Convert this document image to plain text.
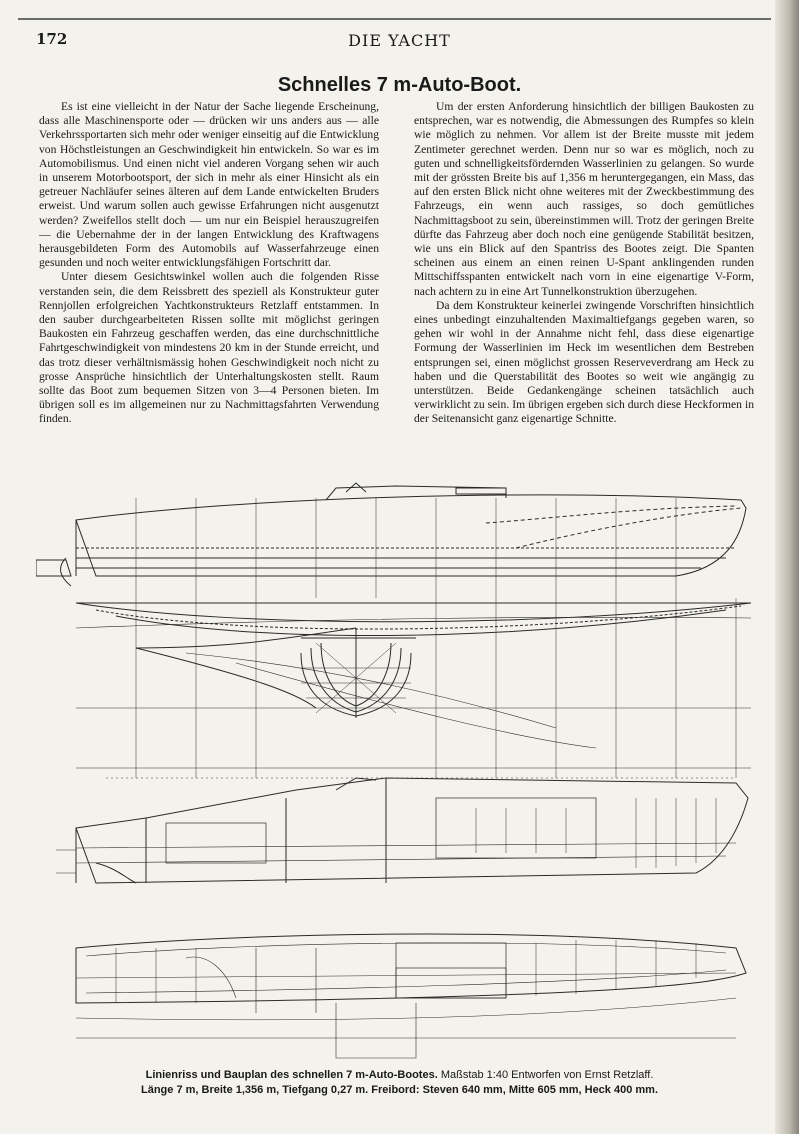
172	DIE YACHT
Schnelles 7 m-Auto-Boot.

Es ist eine vielleicht in der Natur der Sache liegende Erscheinung, dass alle Maschinensporte oder — drücken wir uns anders aus — alle Verkehrssportarten sich mehr oder weniger einseitig auf die Entwicklung von Höchstleistungen an Geschwindigkeit hin entwickeln. So war es im Automobilismus. Und einen nicht viel anderen Vorgang sehen wir auch in unserem Motorbootsport, der sich in mehr als einer Hinsicht als ein getreuer Nachläufer seines älteren auf dem Lande entwickelten Bruders erweist. Und warum sollen auch gewisse Erfahrungen nicht ausgenutzt werden? Zweifellos stellt doch — um nur ein Beispiel herauszugreifen — die Uebernahme der in der langen Entwicklung des Kraftwagens herausgebildeten Form des Automobils auf Wasserfahrzeuge einen gesunden und noch weiter entwicklungsfähigen Fortschritt dar.

Unter diesem Gesichtswinkel wollen auch die folgenden Risse verstanden sein, die dem Reissbrett des speziell als Konstrukteur guter Rennjollen erfolgreichen Yachtkonstrukteurs Retzlaff entstammen. In den sauber durchgearbeiteten Rissen sollte mit möglichst geringen Baukosten ein Fahrzeug geschaffen werden, das eine durchschnittliche Fahrtgeschwindigkeit von mindestens 20 km in der Stunde erreicht, und das trotz dieser verhältnismässig hohen Geschwindigkeit noch nicht zu grosse Ansprüche hinsichtlich der Unterhaltungskosten stellt. Raum sollte das Boot zum bequemen Sitzen von 3—4 Personen bieten. Im übrigen soll es im allgemeinen nur zu Nachmittagsfahrten Verwendung finden.

Um der ersten Anforderung hinsichtlich der billigen Baukosten zu entsprechen, war es notwendig, die Abmessungen des Rumpfes so klein wie möglich zu nehmen. Vor allem ist der Breite musste mit jedem Zentimeter gerechnet werden. Denn nur so war es möglich, noch zu guten und schnelligkeitsfördernden Wasserlinien zu gelangen. So wurde mit der grössten Breite bis auf 1,356 m heruntergegangen, ein Mass, das auf den ersten Blick nicht ohne weiteres mit der Zweckbestimmung des Fahrzeugs, ein wenn auch rassiges, so doch gemütliches Nachmittagsboot zu sein, übereinstimmen will. Trotz der geringen Breite dürfte das Fahrzeug aber doch noch eine genügende Stabilität besitzen, wie uns ein Blick auf den Spantriss des Bootes zeigt. Die Spanten scheinen aus einem an einen reinen U-Spant anklingenden runden Mittschiffsspanten entwickelt nach vorn in eine eigenartige V-Form, nach achtern zu in eine Art Tunnelkonstruktion überzugehen.

Da dem Konstrukteur keinerlei zwingende Vorschriften hinsichtlich eines unbedingt einzuhaltenden Maximaltiefgangs gegeben waren, so gehen wir wohl in der Annahme nicht fehl, dass diese eigenartige Formung der Wasserlinien im Heck im wesentlichen dem Bestreben entsprungen sei, einen möglichst grossen Reserveverdrang am Heck zu haben und die Querstabilität des Bootes so weit wie angängig zu unterstützen. Beide Gedankengänge scheinen tatsächlich auch verwirklicht zu sein. Im übrigen ergeben sich durch diese Heckformen in der Seitenansicht ganz eigenartige Schnitte.

Linienriss und Bauplan des schnellen 7 m-Auto-Bootes. Maßstab 1:40 Entworfen von Ernst Retzlaff.
Länge 7 m, Breite 1,356 m, Tiefgang 0,27 m. Freibord: Steven 640 mm, Mitte 605 mm, Heck 400 mm.
